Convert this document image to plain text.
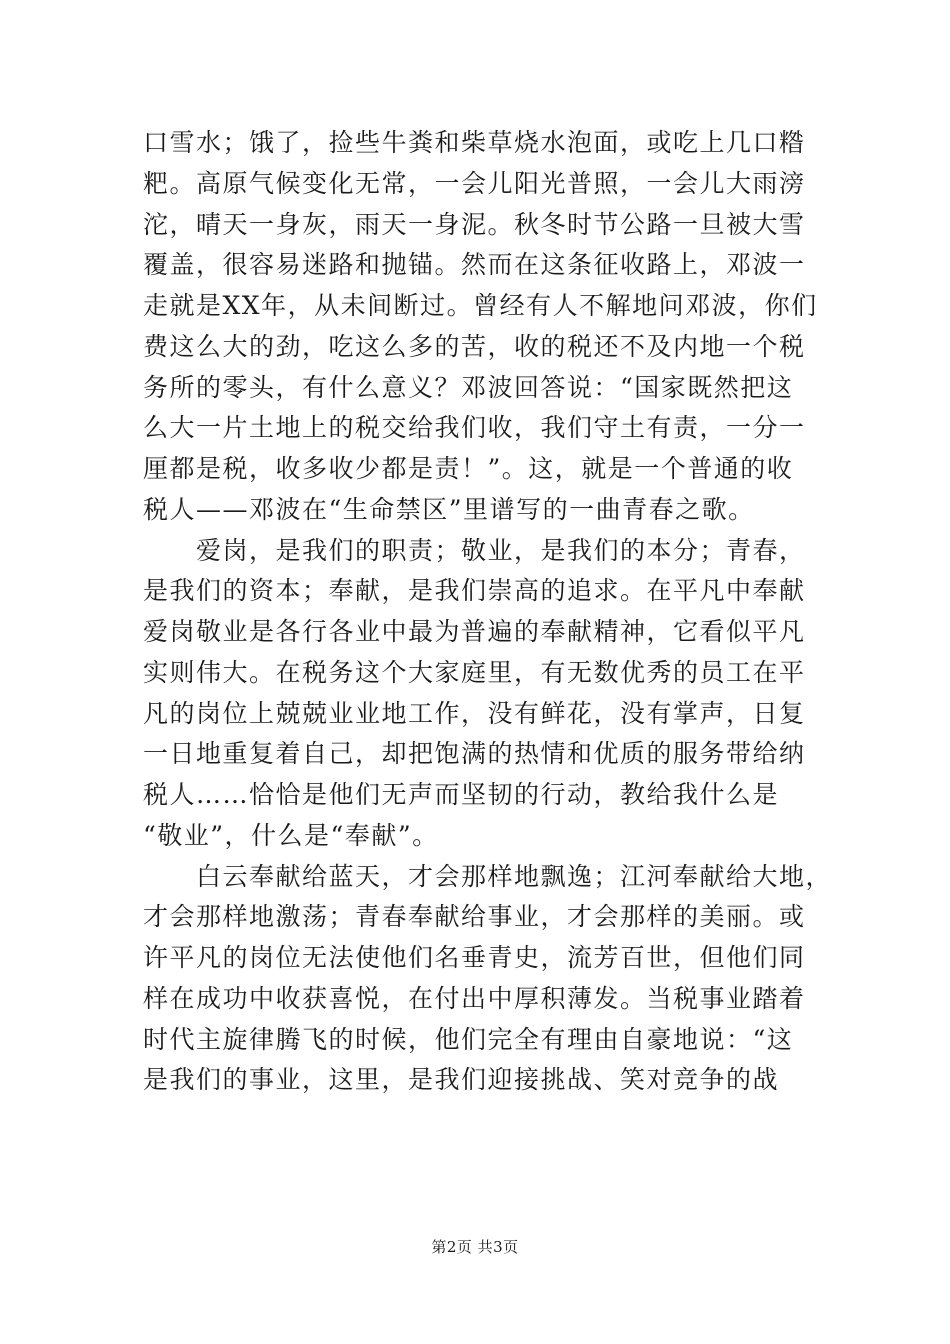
口雪水；饿了，捡些牛粪和柴草烧水泡面，或吃上几口糌
粑。高原气候变化无常，一会儿阳光普照，一会儿大雨滂
沱，晴天一身灰，雨天一身泥。秋冬时节公路一旦被大雪
覆盖，很容易迷路和抛锚。然而在这条征收路上，邓波一
走就是XX年，从未间断过。曾经有人不解地问邓波，你们
费这么大的劲，吃这么多的苦，收的税还不及内地一个税
务所的零头，有什么意义？邓波回答说：“国家既然把这
么大一片土地上的税交给我们收，我们守土有责，一分一
厘都是税，收多收少都是责！”。这，就是一个普通的收
税人——邓波在“生命禁区”里谱写的一曲青春之歌。
　　爱岗，是我们的职责；敬业，是我们的本分；青春，
是我们的资本；奉献，是我们崇高的追求。在平凡中奉献
爱岗敬业是各行各业中最为普遍的奉献精神，它看似平凡
实则伟大。在税务这个大家庭里，有无数优秀的员工在平
凡的岗位上兢兢业业地工作，没有鲜花，没有掌声，日复
一日地重复着自己，却把饱满的热情和优质的服务带给纳
税人……恰恰是他们无声而坚韧的行动，教给我什么是
“敬业”，什么是“奉献”。
　　白云奉献给蓝天，才会那样地飘逸；江河奉献给大地，
才会那样地激荡；青春奉献给事业，才会那样的美丽。或
许平凡的岗位无法使他们名垂青史，流芳百世，但他们同
样在成功中收获喜悦，在付出中厚积薄发。当税事业踏着
时代主旋律腾飞的时候，他们完全有理由自豪地说：“这
是我们的事业，这里，是我们迎接挑战、笑对竞争的战
第2页 共3页
